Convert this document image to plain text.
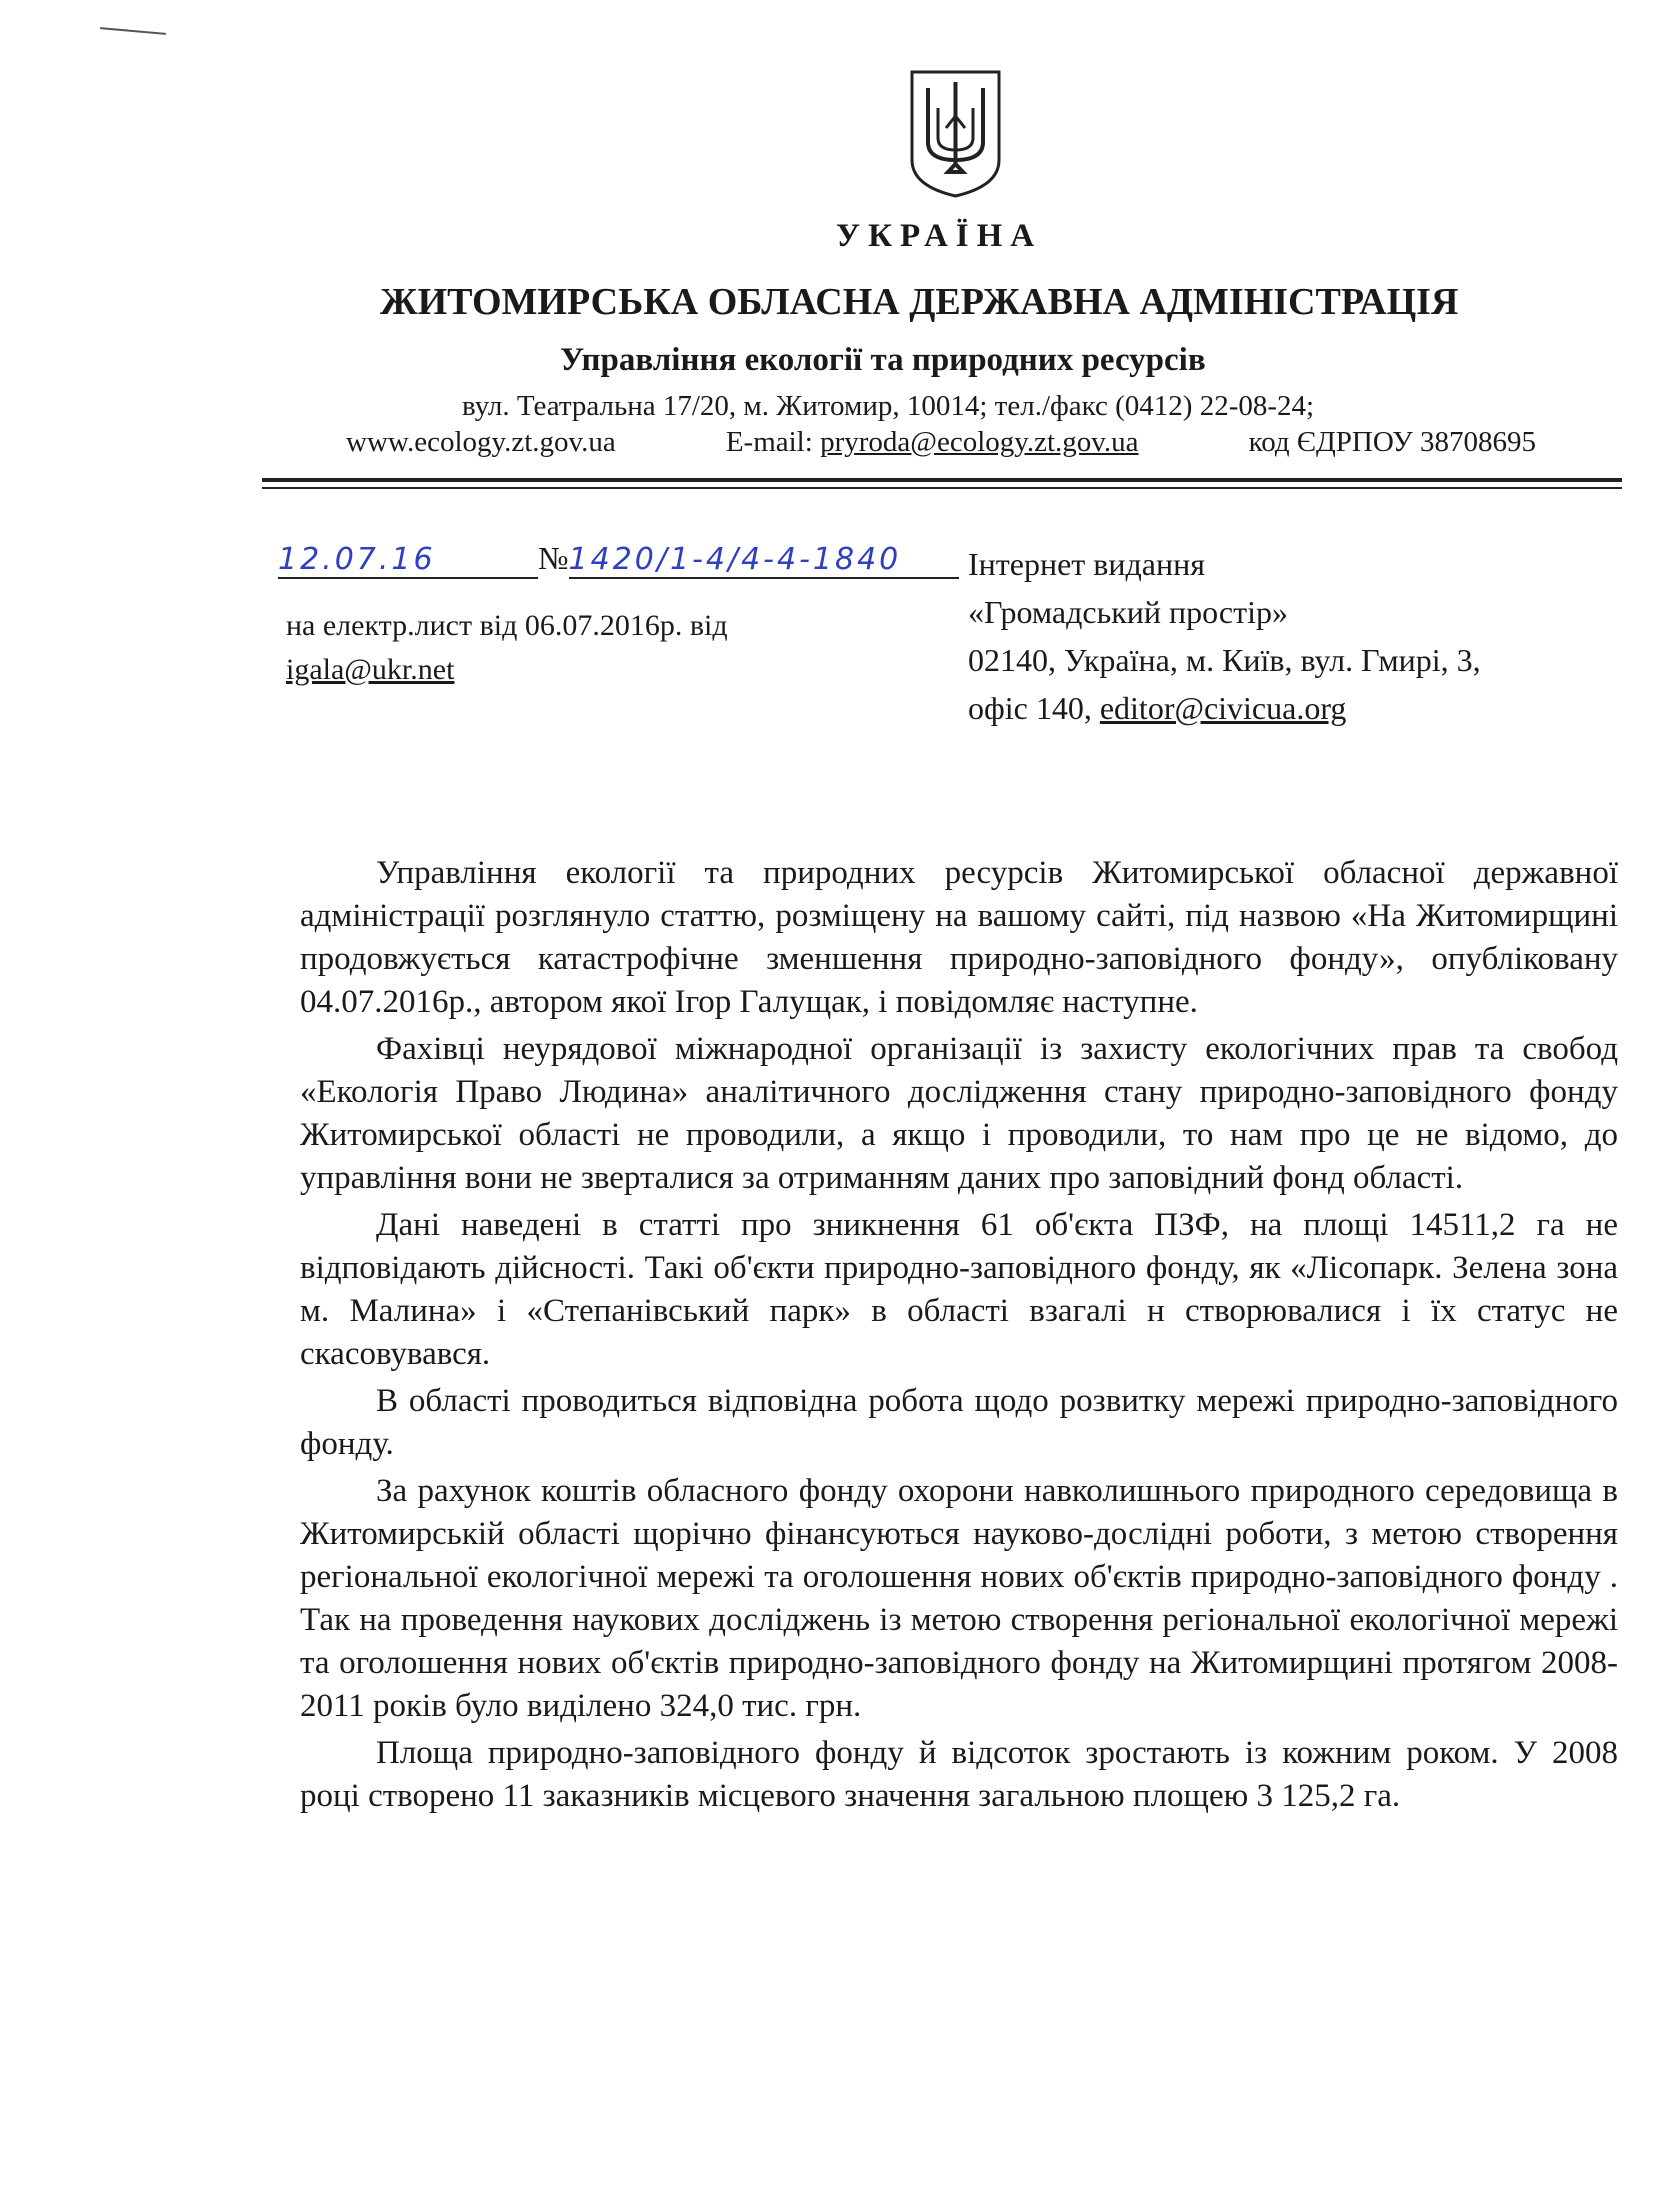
УКРАЇНА
ЖИТОМИРСЬКА ОБЛАСНА ДЕРЖАВНА АДМІНІСТРАЦІЯ
Управління екології та природних ресурсів
вул. Театральна 17/20, м. Житомир, 10014; тел./факс (0412) 22-08-24;
www.ecology.zt.gov.ua	E-mail: pryroda@ecology.zt.gov.ua	код ЄДРПОУ 38708695
12.07.16	№1420/1-4/4-4-1840
на електр.лист від 06.07.2016р. від
igala@ukr.net
Інтернет видання
«Громадський простір»
02140, Україна, м. Київ, вул. Гмирі, 3,
офіс 140, editor@civicua.org

Управління екології та природних ресурсів Житомирської обласної державної адміністрації розглянуло статтю, розміщену на вашому сайті, під назвою «На Житомирщині продовжується катастрофічне зменшення природно-заповідного фонду», опубліковану 04.07.2016р., автором якої Ігор Галущак, і повідомляє наступне.

Фахівці неурядової міжнародної організації із захисту екологічних прав та свобод «Екологія Право Людина» аналітичного дослідження стану природно-заповідного фонду Житомирської області не проводили, а якщо і проводили, то нам про це не відомо, до управління вони не зверталися за отриманням даних про заповідний фонд області.

Дані наведені в статті про зникнення 61 об'єкта ПЗФ, на площі 14511,2 га не відповідають дійсності. Такі об'єкти природно-заповідного фонду, як «Лісопарк. Зелена зона м. Малина» і «Степанівський парк» в області взагалі н створювалися і їх статус не скасовувався.

В області проводиться відповідна робота щодо розвитку мережі природно-заповідного фонду.

За рахунок коштів обласного фонду охорони навколишнього природного середовища в Житомирській області щорічно фінансуються науково-дослідні роботи, з метою створення регіональної екологічної мережі та оголошення нових об'єктів природно-заповідного фонду . Так на проведення наукових досліджень із метою створення регіональної екологічної мережі та оголошення нових об'єктів природно-заповідного фонду на Житомирщині протягом 2008-2011 років було виділено 324,0 тис. грн.

Площа природно-заповідного фонду й відсоток зростають із кожним роком. У 2008 році створено 11 заказників місцевого значення загальною площею 3 125,2 га.
